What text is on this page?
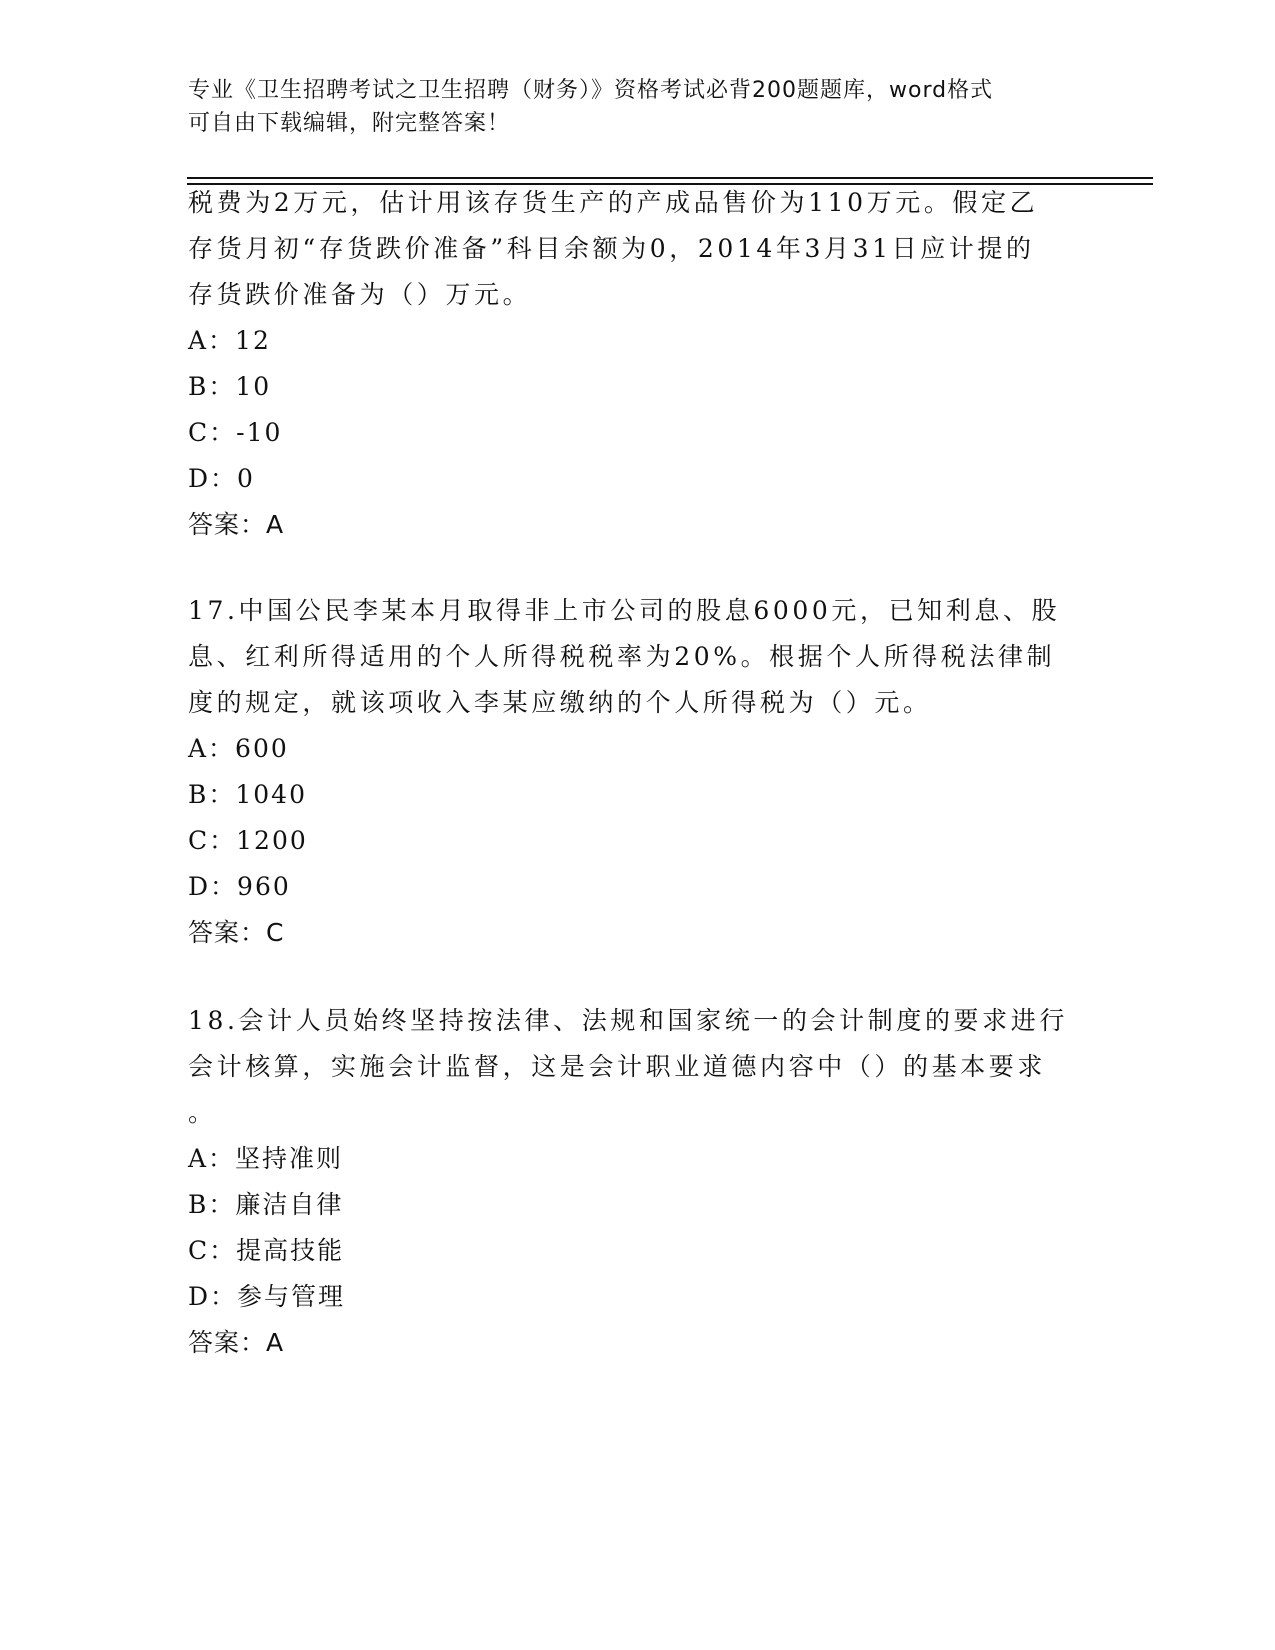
专业《卫生招聘考试之卫生招聘（财务）》资格考试必背200题题库，word格式
可自由下载编辑，附完整答案！
税费为2万元，估计用该存货生产的产成品售价为110万元。假定乙
存货月初“存货跌价准备”科目余额为0，2014年3月31日应计提的
存货跌价准备为（）万元。
A：12
B：10
C：-10
D：0
答案：A
17.中国公民李某本月取得非上市公司的股息6000元，已知利息、股
息、红利所得适用的个人所得税税率为20%。根据个人所得税法律制
度的规定，就该项收入李某应缴纳的个人所得税为（）元。
A：600
B：1040
C：1200
D：960
答案：C
18.会计人员始终坚持按法律、法规和国家统一的会计制度的要求进行
会计核算，实施会计监督，这是会计职业道德内容中（）的基本要求
。
A：坚持准则
B：廉洁自律
C：提高技能
D：参与管理
答案：A
